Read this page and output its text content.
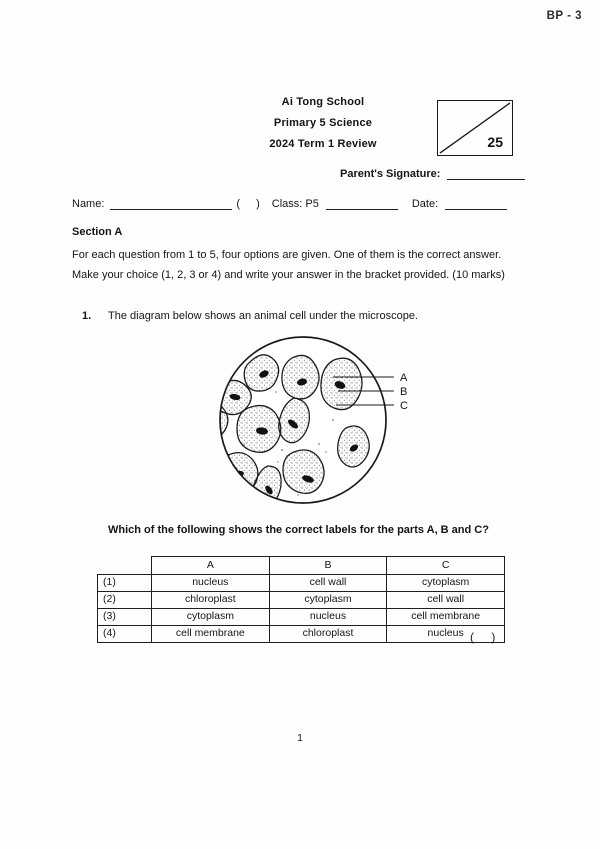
BP - 3
Ai Tong School
Primary 5 Science
2024 Term 1 Review	25
Parent's Signature:
Name:	( ) Class: P5	Date:
Section A
For each question from 1 to 5, four options are given. One of them is the correct answer.
Make your choice (1, 2, 3 or 4) and write your answer in the bracket provided. (10 marks)
1. The diagram below shows an animal cell under the microscope.
A
B
C
Which of the following shows the correct labels for the parts A, B and C?
	A	B	C
(1)	nucleus	cell wall	cytoplasm
(2)	chloroplast	cytoplasm	cell wall
(3)	cytoplasm	nucleus	cell membrane
(4)	cell membrane	chloroplast	nucleus ( )
1
